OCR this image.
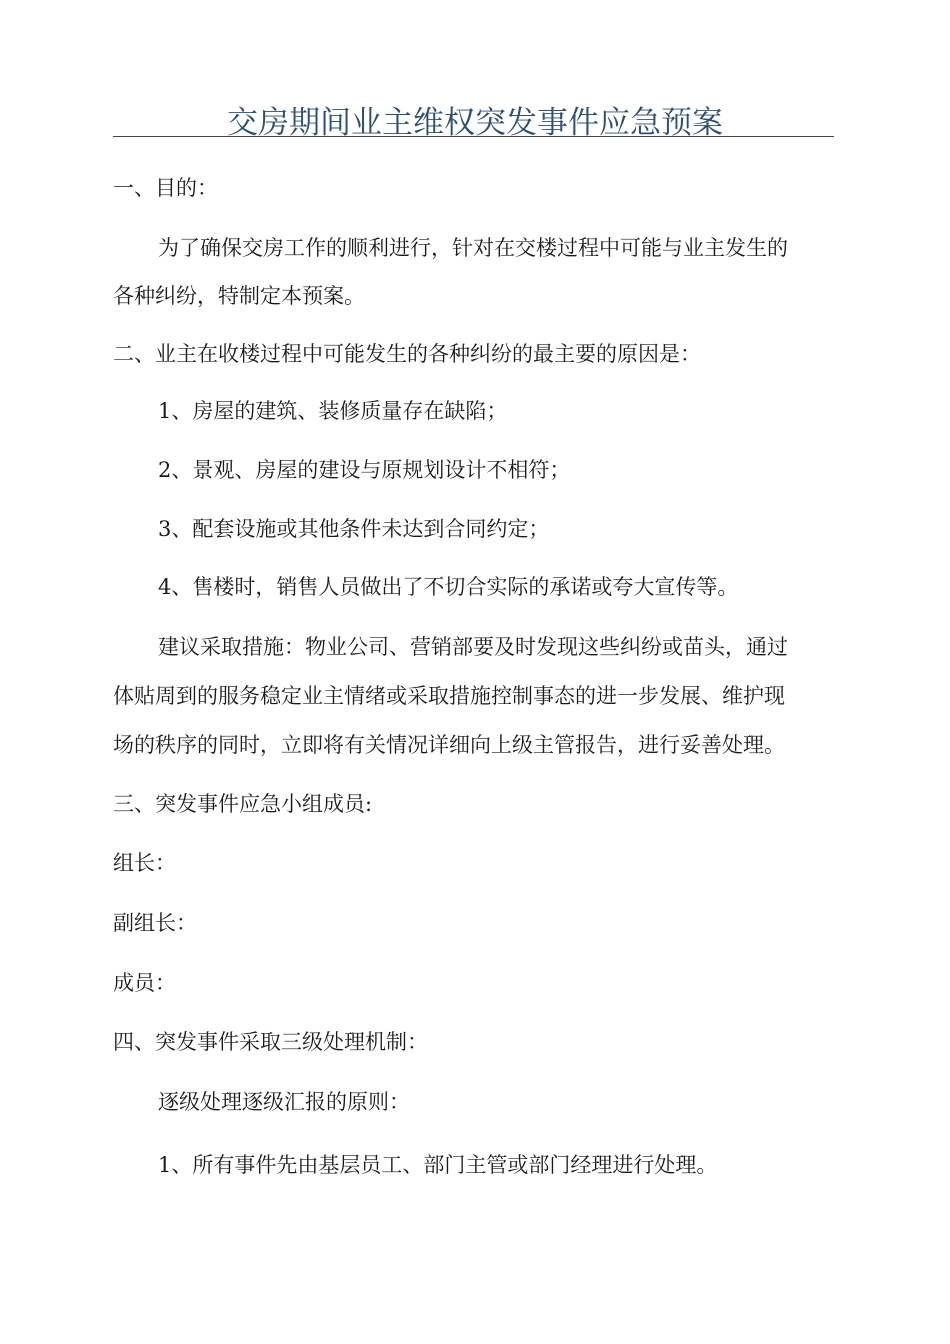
交房期间业主维权突发事件应急预案
一、目的：
为了确保交房工作的顺利进行，针对在交楼过程中可能与业主发生的
各种纠纷，特制定本预案。
二、业主在收楼过程中可能发生的各种纠纷的最主要的原因是：
1、房屋的建筑、装修质量存在缺陷；
2、景观、房屋的建设与原规划设计不相符；
3、配套设施或其他条件未达到合同约定；
4、售楼时，销售人员做出了不切合实际的承诺或夸大宣传等。
建议采取措施：物业公司、营销部要及时发现这些纠纷或苗头，通过
体贴周到的服务稳定业主情绪或采取措施控制事态的进一步发展、维护现
场的秩序的同时，立即将有关情况详细向上级主管报告，进行妥善处理。
三、突发事件应急小组成员:
组长：
副组长：
成员：
四、突发事件采取三级处理机制：
逐级处理逐级汇报的原则：
1、所有事件先由基层员工、部门主管或部门经理进行处理。
